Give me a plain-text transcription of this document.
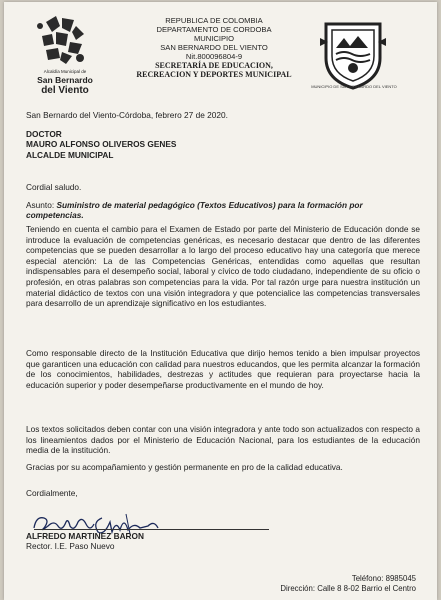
Alcaldía Municipal de
San Bernardo
del Viento
REPUBLICA DE COLOMBIA
DEPARTAMENTO DE CORDOBA
MUNICIPIO
SAN BERNARDO DEL VIENTO
Nit.800096804-9
SECRETARÍA DE EDUCACION,
RECREACION Y DEPORTES MUNICIPAL
MUNICIPIO DE SAN BERNARDO DEL VIENTO
San Bernardo del Viento-Córdoba, febrero 27 de 2020.
DOCTOR
MAURO ALFONSO OLIVEROS GENES
ALCALDE MUNICIPAL
Cordial saludo.
Asunto: Suministro de material pedagógico (Textos Educativos) para la formación por competencias.
Teniendo en cuenta el cambio para el Examen de Estado por parte del Ministerio de Educación donde se introduce la evaluación de competencias genéricas, es necesario destacar que dentro de las diferentes competencias que se pueden desarrollar a lo largo del proceso educativo hay una categoría que merece especial atención: La de las Competencias Genéricas, entendidas como aquellas que resultan indispensables para el desempeño social, laboral y cívico de todo ciudadano, independiente de su oficio o profesión, en otras palabras son competencias para la vida. Por tal razón urge para nuestra institución un material didáctico de textos con una visión integradora y que potencialice las competencias transversales para desarrollo de un aprendizaje significativo en los estudiantes.
Como responsable directo de la Institución Educativa que dirijo hemos tenido a bien impulsar proyectos que garanticen una educación con calidad para nuestros educandos, que les permita alcanzar la formación de los conocimientos, habilidades, destrezas y actitudes que requieran para proyectarse hacia la educación superior y poder desempeñarse productivamente en el mundo de hoy.
Los textos solicitados deben contar con una visión integradora y ante todo son actualizados con respecto a los lineamientos dados por el Ministerio de Educación Nacional, para los estudiantes de la educación media de la institución.
Gracias por su acompañamiento y gestión permanente en pro de la calidad educativa.
Cordialmente,
ALFREDO MARTINEZ BARON
Rector. I.E. Paso Nuevo
Teléfono: 8985045
Dirección: Calle 8 8-02 Barrio el Centro
